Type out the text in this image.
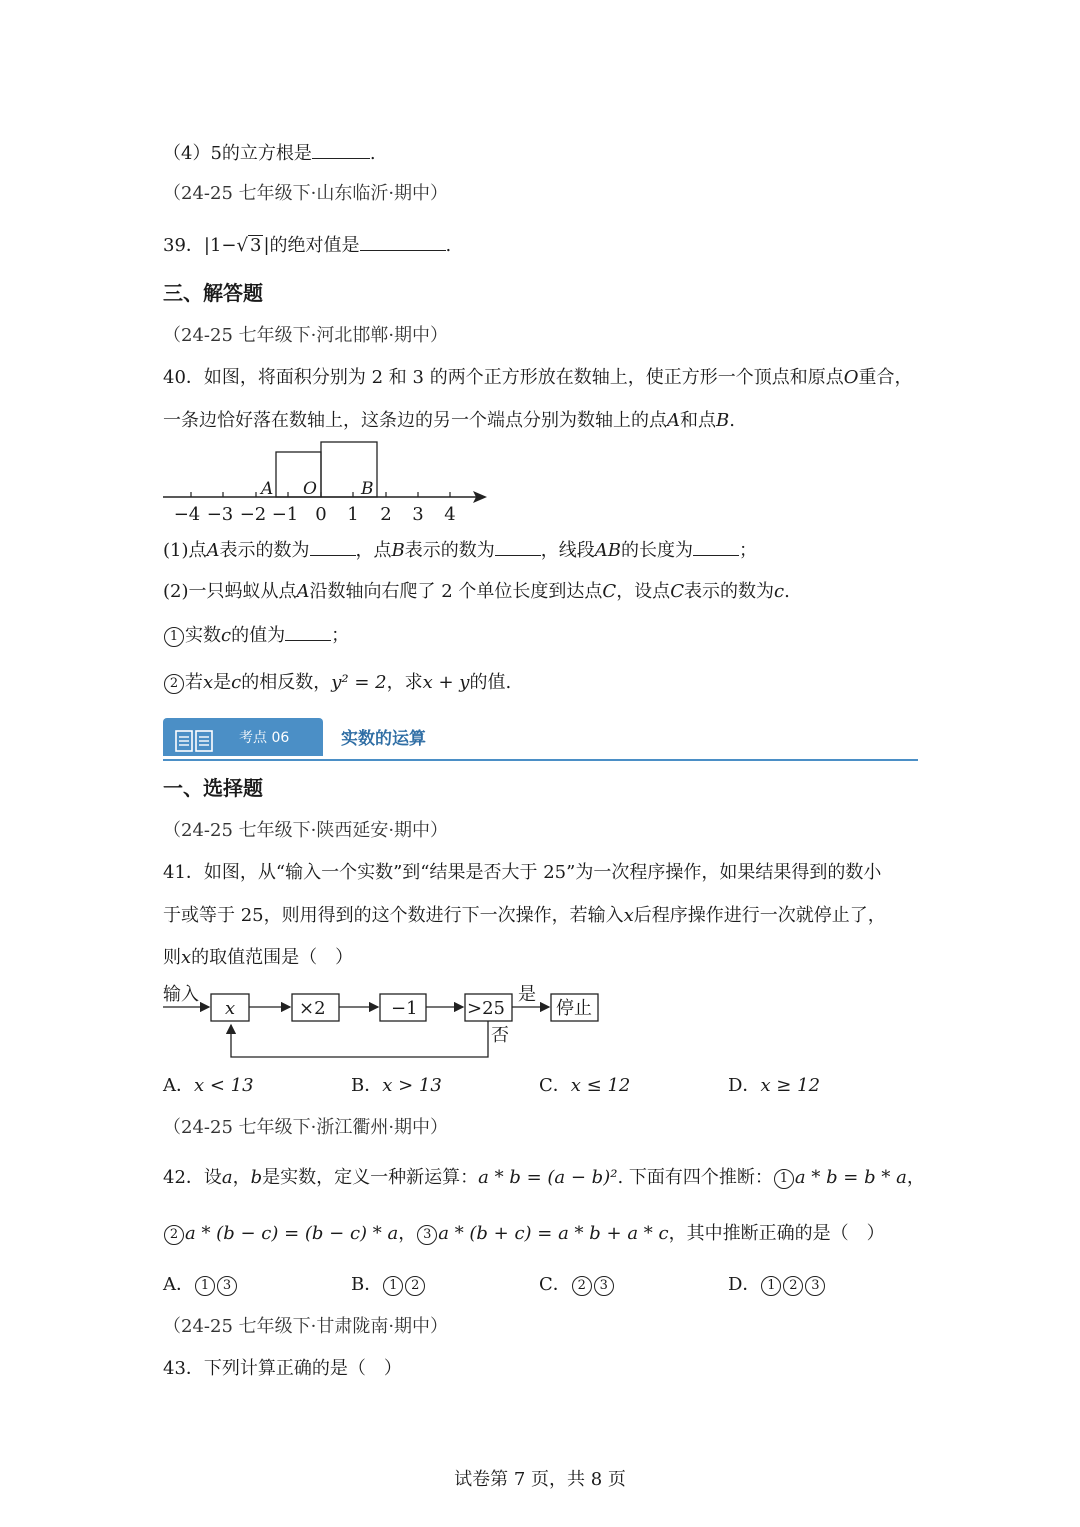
（4）5的立方根是	.
（24-25 七年级下·山东临沂·期中）
39．|1−√ 3 |的绝对值是	.
三、解答题
（24-25 七年级下·河北邯郸·期中）
40．如图，将面积分别为 2 和 3 的两个正方形放在数轴上，使正方形一个顶点和原点O重合，
一条边恰好落在数轴上，这条边的另一个端点分别为数轴上的点A和点B.
−4 −3 −2 −1 0 1 2 3 4
A O	B
(1)点A表示的数为	，点B表示的数为	，线段AB的长度为	；
(2)一只蚂蚁从点A沿数轴向右爬了 2 个单位长度到达点C，设点C表示的数为c.
1 实数c的值为	；
2 若x是c的相反数，y² = 2，求x + y的值.
考点 06	实数的运算
一、选择题
（24-25 七年级下·陕西延安·期中）
41．如图，从“输入一个实数”到“结果是否大于 25”为一次程序操作，如果结果得到的数小
于或等于 25，则用得到的这个数进行下一次操作，若输入x后程序操作进行一次就停止了，
则x的取值范围是（　）
输入
x	×2	−1	>25
是
否
停止
A．x < 13	B．x > 13	C．x ≤ 12	D．x ≥ 12
（24-25 七年级下·浙江衢州·期中）
42．设a，b是实数，定义一种新运算：a * b = (a − b)². 下面有四个推断： 1 a * b = b * a，
2 a * (b − c) = (b − c) * a， 3 a * (b + c) = a * b + a * c，其中推断正确的是（　）
A． 1 3	B． 1 2	C． 2 3	D． 1 2 3
（24-25 七年级下·甘肃陇南·期中）
43．下列计算正确的是（　）
试卷第 7 页，共 8 页
